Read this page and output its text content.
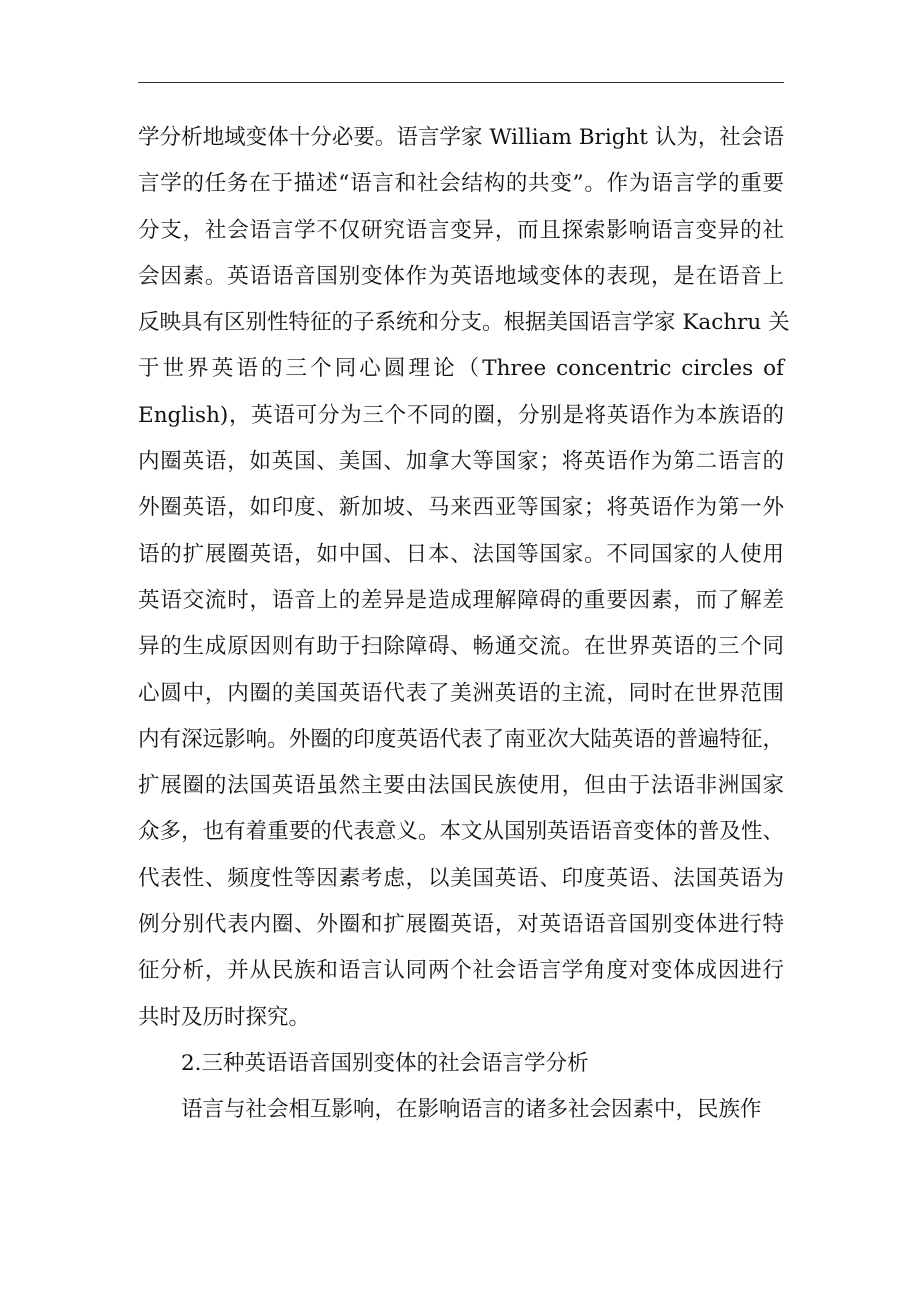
学分析地域变体十分必要。语言学家 William Bright 认为，社会语
言学的任务在于描述“语言和社会结构的共变”。作为语言学的重要
分支，社会语言学不仅研究语言变异，而且探索影响语言变异的社
会因素。英语语音国别变体作为英语地域变体的表现，是在语音上
反映具有区别性特征的子系统和分支。根据美国语言学家 Kachru 关
于世界英语的三个同心圆理论（Three concentric circles of
English)，英语可分为三个不同的圈，分别是将英语作为本族语的
内圈英语，如英国、美国、加拿大等国家；将英语作为第二语言的
外圈英语，如印度、新加坡、马来西亚等国家；将英语作为第一外
语的扩展圈英语，如中国、日本、法国等国家。不同国家的人使用
英语交流时，语音上的差异是造成理解障碍的重要因素，而了解差
异的生成原因则有助于扫除障碍、畅通交流。在世界英语的三个同
心圆中，内圈的美国英语代表了美洲英语的主流，同时在世界范围
内有深远影响。外圈的印度英语代表了南亚次大陆英语的普遍特征，
扩展圈的法国英语虽然主要由法国民族使用，但由于法语非洲国家
众多，也有着重要的代表意义。本文从国别英语语音变体的普及性、
代表性、频度性等因素考虑，以美国英语、印度英语、法国英语为
例分别代表内圈、外圈和扩展圈英语，对英语语音国别变体进行特
征分析，并从民族和语言认同两个社会语言学角度对变体成因进行
共时及历时探究。
2.三种英语语音国别变体的社会语言学分析
语言与社会相互影响，在影响语言的诸多社会因素中，民族作
